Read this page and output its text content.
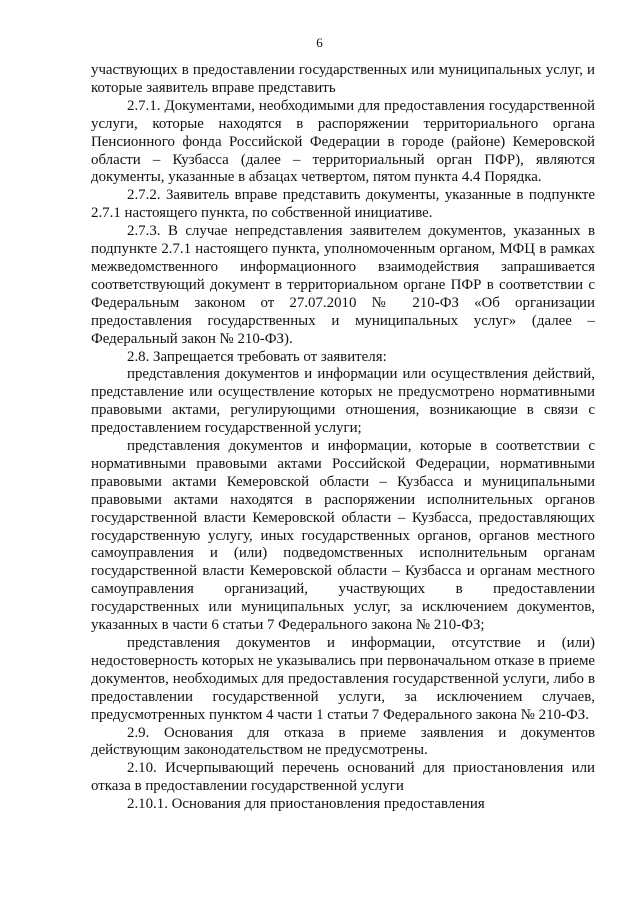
6

участвующих в предоставлении государственных или муниципальных услуг, и которые заявитель вправе представить

2.7.1. Документами, необходимыми для предоставления государственной услуги, которые находятся в распоряжении территориального органа Пенсионного фонда Российской Федерации в городе (районе) Кемеровской области – Кузбасса (далее – территориальный орган ПФР), являются документы, указанные в абзацах четвертом, пятом пункта 4.4 Порядка.

2.7.2. Заявитель вправе представить документы, указанные в подпункте 2.7.1 настоящего пункта, по собственной инициативе.

2.7.3. В случае непредставления заявителем документов, указанных в подпункте 2.7.1 настоящего пункта, уполномоченным органом, МФЦ в рамках межведомственного информационного взаимодействия запрашивается соответствующий документ в территориальном органе ПФР в соответствии с Федеральным законом от 27.07.2010 № 210-ФЗ «Об организации предоставления государственных и муниципальных услуг» (далее – Федеральный закон № 210-ФЗ).

2.8. Запрещается требовать от заявителя:

представления документов и информации или осуществления действий, представление или осуществление которых не предусмотрено нормативными правовыми актами, регулирующими отношения, возникающие в связи с предоставлением государственной услуги;

представления документов и информации, которые в соответствии с нормативными правовыми актами Российской Федерации, нормативными правовыми актами Кемеровской области – Кузбасса и муниципальными правовыми актами находятся в распоряжении исполнительных органов государственной власти Кемеровской области – Кузбасса, предоставляющих государственную услугу, иных государственных органов, органов местного самоуправления и (или) подведомственных исполнительным органам государственной власти Кемеровской области – Кузбасса и органам местного самоуправления организаций, участвующих в предоставлении государственных или муниципальных услуг, за исключением документов, указанных в части 6 статьи 7 Федерального закона № 210-ФЗ;

представления документов и информации, отсутствие и (или) недостоверность которых не указывались при первоначальном отказе в приеме документов, необходимых для предоставления государственной услуги, либо в предоставлении государственной услуги, за исключением случаев, предусмотренных пунктом 4 части 1 статьи 7 Федерального закона № 210-ФЗ.

2.9. Основания для отказа в приеме заявления и документов действующим законодательством не предусмотрены.

2.10. Исчерпывающий перечень оснований для приостановления или отказа в предоставлении государственной услуги

2.10.1. Основания для приостановления предоставления
